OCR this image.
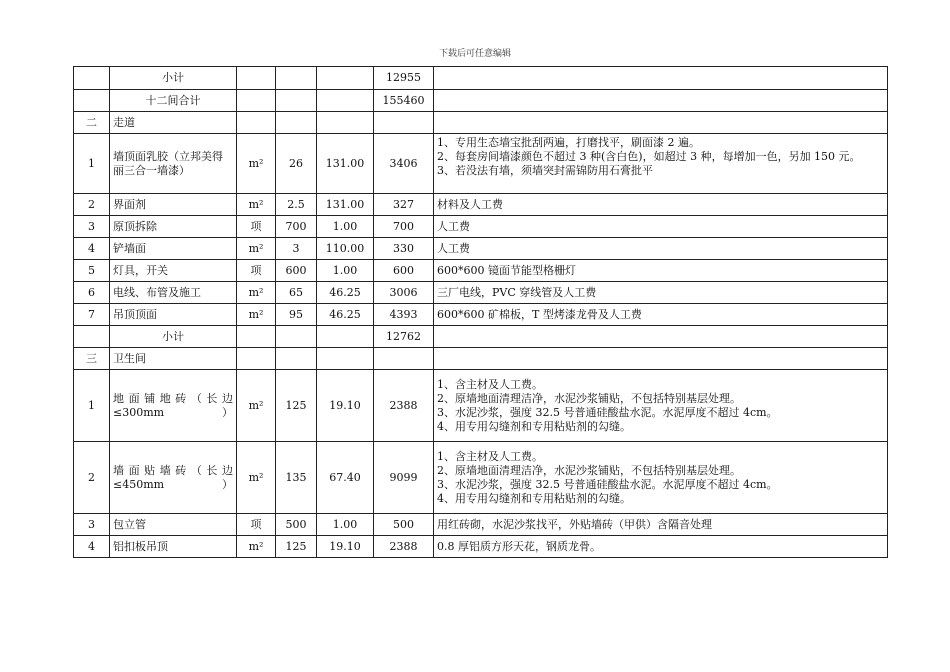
下载后可任意编辑
	小计				12955	
	十二间合计				155460	
二	走道					
1	墙顶面乳胶（立邦美得丽三合一墙漆）	m²	26	131.00	3406	1、专用生态墙宝批刮两遍，打磨找平，刷面漆 2 遍。
2、每套房间墙漆颜色不超过 3 种(含白色)，如超过 3 种，每增加一色，另加 150 元。
3、若没法有墙，须墙突封需锦防用石膏批平

2	界面剂	m²	2.5	131.00	327	材料及人工费
3	原顶拆除	项	700	1.00	700	人工费
4	铲墙面	m²	3	110.00	330	人工费
5	灯具，开关	项	600	1.00	600	600*600 镜面节能型格栅灯
6	电线、布管及施工	m²	65	46.25	3006	三厂电线，PVC 穿线管及人工费
7	吊顶顶面	m²	95	46.25	4393	600*600 矿棉板，T 型烤漆龙骨及人工费
	小计				12762	
三	卫生间					
1	地面铺地砖（长边≤300mm）	m²	125	19.10	2388	1、含主材及人工费。
2、原墙地面清理洁净，水泥沙浆铺贴，不包括特别基层处理。
3、水泥沙浆，强度 32.5 号普通硅酸盐水泥。水泥厚度不超过 4cm。
4、用专用勾缝剂和专用粘贴剂的勾缝。

2	墙面贴墙砖（长边≤450mm）	m²	135	67.40	9099	1、含主材及人工费。
2、原墙地面清理洁净，水泥沙浆铺贴，不包括特别基层处理。
3、水泥沙浆，强度 32.5 号普通硅酸盐水泥。水泥厚度不超过 4cm。
4、用专用勾缝剂和专用粘贴剂的勾缝。

3	包立管	项	500	1.00	500	用红砖砌，水泥沙浆找平，外贴墙砖（甲供）含隔音处理
4	铝扣板吊顶	m²	125	19.10	2388	0.8 厚铝质方形天花，钢质龙骨。
